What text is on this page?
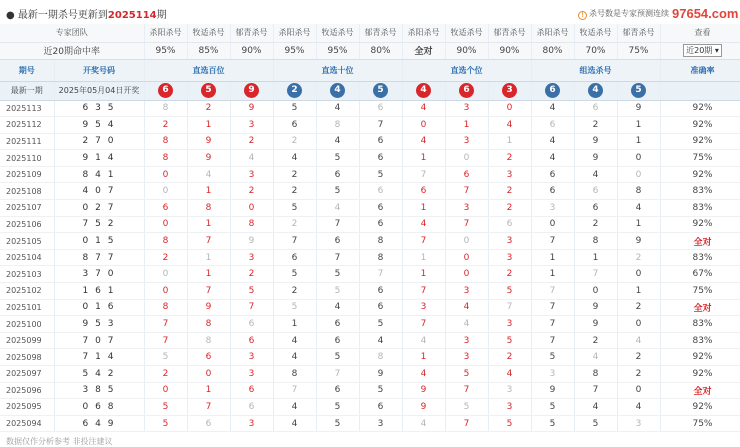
● 最新一期杀号更新到2025114期	! 杀号数是专家预测连续 97654.com
专家团队		杀阳杀号	牧适杀号	郁青杀号	杀阳杀号	牧适杀号	郁青杀号	杀阳杀号	牧适杀号	郁青杀号	杀阳杀号	牧适杀号	郁青杀号	查看
近20期命中率		95%	85%	90%	95%	95%	80%	全对	90%	90%	80%	70%	75%	近20期 ▾
期号	开奖号码	直选百位			直选十位			直选个位			组选杀号			准确率
最新一期	2025年05月04日开奖	6	5	9	2	4	5	4	6	3	6	4	5	
2025113	6 3 5	8	2	9	5	4	6	4	3	0	4	6	9	92%
2025112	9 5 4	2	1	3	6	8	7	0	1	4	6	2	1	92%
2025111	2 7 0	8	9	2	2	4	6	4	3	1	4	9	1	92%
2025110	9 1 4	8	9	4	4	5	6	1	0	2	4	9	0	75%
2025109	8 4 1	0	4	3	2	6	5	7	6	3	6	4	0	92%
2025108	4 0 7	0	1	2	2	5	6	6	7	2	6	6	8	83%
2025107	0 2 7	6	8	0	5	4	6	1	3	2	3	6	4	83%
2025106	7 5 2	0	1	8	2	7	6	4	7	6	0	2	1	92%
2025105	0 1 5	8	7	9	7	6	8	7	0	3	7	8	9	全对
2025104	8 7 7	2	1	3	6	7	8	1	0	3	1	1	2	83%
2025103	3 7 0	0	1	2	5	5	7	1	0	2	1	7	0	67%
2025102	1 6 1	0	7	5	2	5	6	7	3	5	7	0	1	75%
2025101	0 1 6	8	9	7	5	4	6	3	4	7	7	9	2	全对
2025100	9 5 3	7	8	6	1	6	5	7	4	3	7	9	0	83%
2025099	7 0 7	7	8	6	4	6	4	4	3	5	7	2	4	83%
2025098	7 1 4	5	6	3	4	5	8	1	3	2	5	4	2	92%
2025097	5 4 2	2	0	3	8	7	9	4	5	4	3	8	2	92%
2025096	3 8 5	0	1	6	7	6	5	9	7	3	9	7	0	全对
2025095	0 6 8	5	7	6	4	5	6	9	5	3	5	4	4	92%
2025094	6 4 9	5	6	3	4	5	3	4	7	5	5	5	3	75%
数据仅作分析参考 非投注建议
